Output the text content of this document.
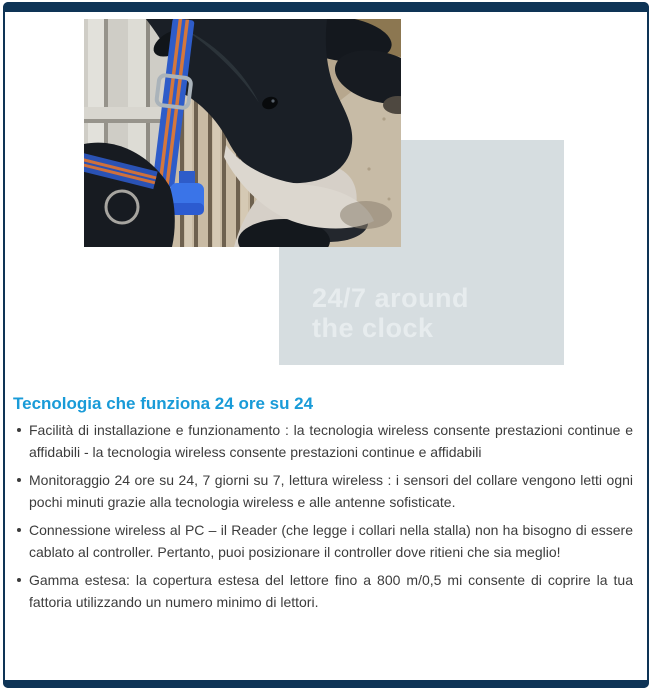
24/7 around
the clock
Tecnologia che funziona 24 ore su 24
Facilità di installazione e funzionamento : la tecnologia wireless consente prestazioni continue e affidabili - la tecnologia wireless consente prestazioni continue e affidabili
Monitoraggio 24 ore su 24, 7 giorni su 7, lettura wireless : i sensori del collare vengono letti ogni pochi minuti grazie alla tecnologia wireless e alle antenne sofisticate.
Connessione wireless al PC – il Reader (che legge i collari nella stalla) non ha bisogno di essere cablato al controller. Pertanto, puoi posizionare il controller dove ritieni che sia meglio!
Gamma estesa: la copertura estesa del lettore fino a 800 m/0,5 mi consente di coprire la tua fattoria utilizzando un numero minimo di lettori.
